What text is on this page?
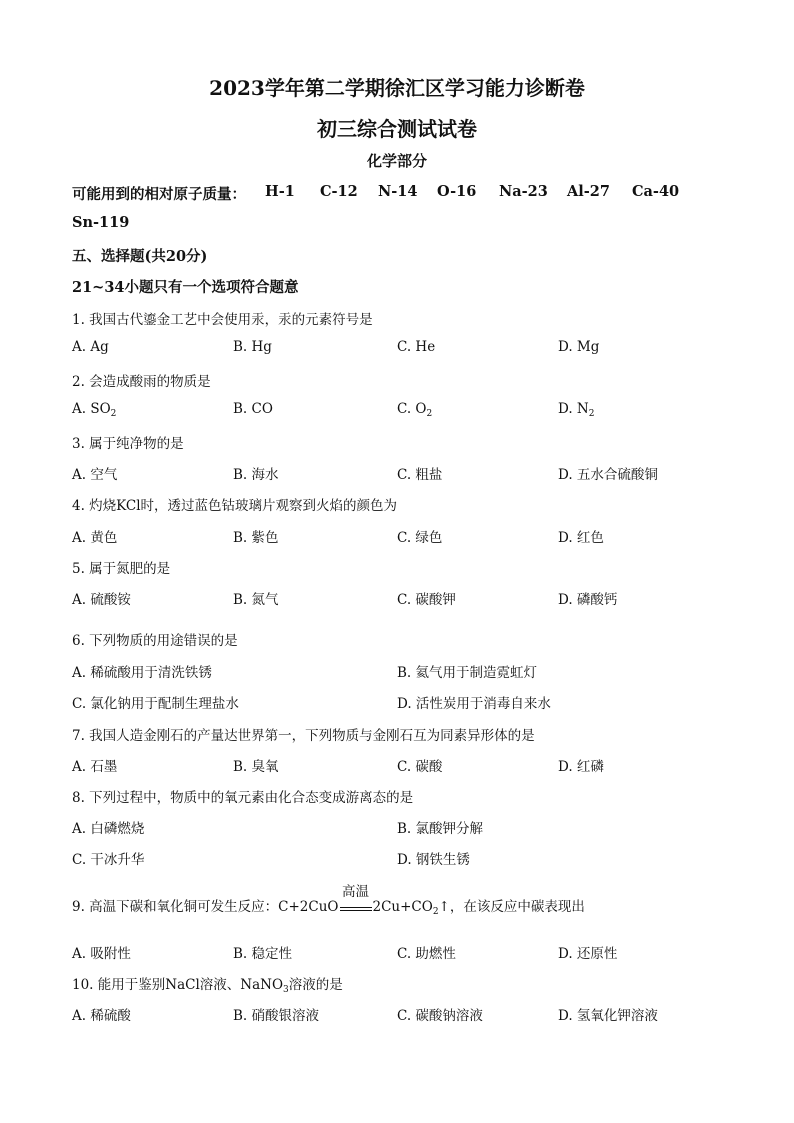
2023学年第二学期徐汇区学习能力诊断卷
初三综合测试试卷
化学部分
可能用到的相对原子质量： H-1 C-12 N-14 O-16 Na-23 Al-27 Ca-40
Sn-119
五、选择题(共20分)
21~34小题只有一个选项符合题意
1. 我国古代鎏金工艺中会使用汞，汞的元素符号是
A. Ag	B. Hg	C. He	D. Mg
2. 会造成酸雨的物质是
A. $SO_2$	B. CO	C. $O_2$	D. $N_2$
3. 属于纯净物的是
A. 空气	B. 海水	C. 粗盐	D. 五水合硫酸铜
4. 灼烧KCl时，透过蓝色钴玻璃片观察到火焰的颜色为
A. 黄色	B. 紫色	C. 绿色	D. 红色
5. 属于氮肥的是
A. 硫酸铵	B. 氮气	C. 碳酸钾	D. 磷酸钙
6. 下列物质的用途错误的是
A. 稀硫酸用于清洗铁锈	B. 氦气用于制造霓虹灯
C. 氯化钠用于配制生理盐水	D. 活性炭用于消毒自来水
7. 我国人造金刚石的产量达世界第一，下列物质与金刚石互为同素异形体的是
A. 石墨	B. 臭氧	C. 碳酸	D. 红磷
8. 下列过程中，物质中的氧元素由化合态变成游离态的是
A. 白磷燃烧	B. 氯酸钾分解
C. 干冰升华	D. 钢铁生锈
9. 高温下碳和氧化铜可发生反应：C+2CuO
高温
$2Cu+CO_2↑$，在该反应中碳表现出
A. 吸附性	B. 稳定性	C. 助燃性	D. 还原性
10. 能用于鉴别NaCl溶液、NaNO$_3$溶液的是
A. 稀硫酸	B. 硝酸银溶液	C. 碳酸钠溶液	D. 氢氧化钾溶液
